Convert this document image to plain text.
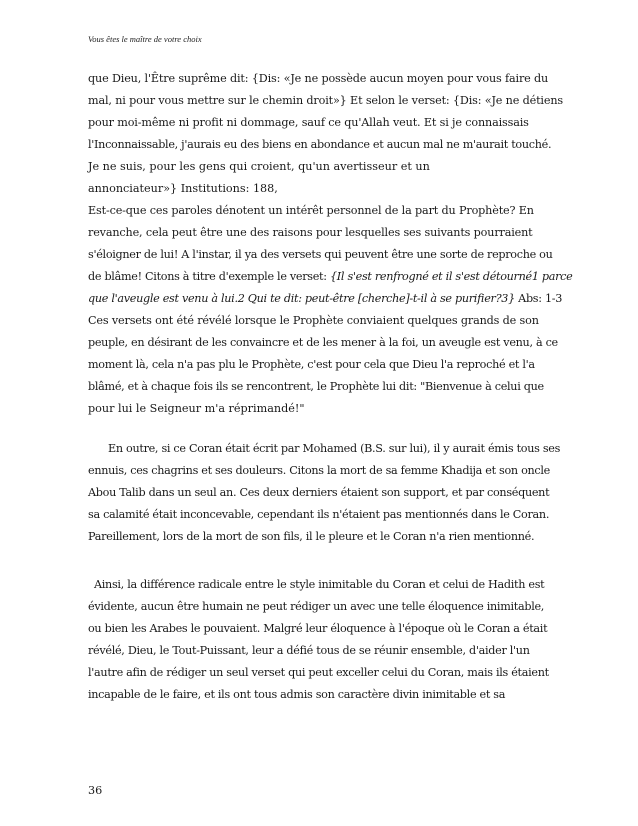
Vous êtes le maître de votre choix
que Dieu, l'Être suprême dit: {Dis: «Je ne possède aucun moyen pour vous faire du
mal, ni pour vous mettre sur le chemin droit»} Et selon le verset: {Dis: «Je ne détiens
pour moi-même ni profit ni dommage, sauf ce qu'Allah veut. Et si je connaissais
l'Inconnaissable, j'aurais eu des biens en abondance et aucun mal ne m'aurait touché.
Je ne suis, pour les gens qui croient, qu'un avertisseur et un
annonciateur»} Institutions: 188,
Est-ce-que ces paroles dénotent un intérêt personnel de la part du Prophète? En
revanche, cela peut être une des raisons pour lesquelles ses suivants pourraient
s'éloigner de lui! A l'instar, il ya des versets qui peuvent être une sorte de reproche ou
de blâme! Citons à titre d'exemple le verset: {Il s'est renfrogné et il s'est détourné1 parce
que l'aveugle est venu à lui.2 Qui te dit: peut-être [cherche]-t-il à se purifier?3} Abs: 1-3
Ces versets ont été révélé lorsque le Prophète conviaient quelques grands de son
peuple, en désirant de les convaincre et de les mener à la foi, un aveugle est venu, à ce
moment là, cela n'a pas plu le Prophète, c'est pour cela que Dieu l'a reproché et l'a
blâmé, et à chaque fois ils se rencontrent, le Prophète lui dit: "Bienvenue à celui que
pour lui le Seigneur m'a réprimandé!"
En outre, si ce Coran était écrit par Mohamed (B.S. sur lui), il y aurait émis tous ses
ennuis, ces chagrins et ses douleurs. Citons la mort de sa femme Khadija et son oncle
Abou Talib dans un seul an. Ces deux derniers étaient son support, et par conséquent
sa calamité était inconcevable, cependant ils n'étaient pas mentionnés dans le Coran.
Pareillement, lors de la mort de son fils, il le pleure et le Coran n'a rien mentionné.
Ainsi, la différence radicale entre le style inimitable du Coran et celui de Hadith est
évidente, aucun être humain ne peut rédiger un avec une telle éloquence inimitable,
ou bien les Arabes le pouvaient. Malgré leur éloquence à l'époque où le Coran a était
révélé, Dieu, le Tout-Puissant, leur a défié tous de se réunir ensemble, d'aider l'un
l'autre afin de rédiger un seul verset qui peut exceller celui du Coran, mais ils étaient
incapable de le faire, et ils ont tous admis son caractère divin inimitable et sa
36
